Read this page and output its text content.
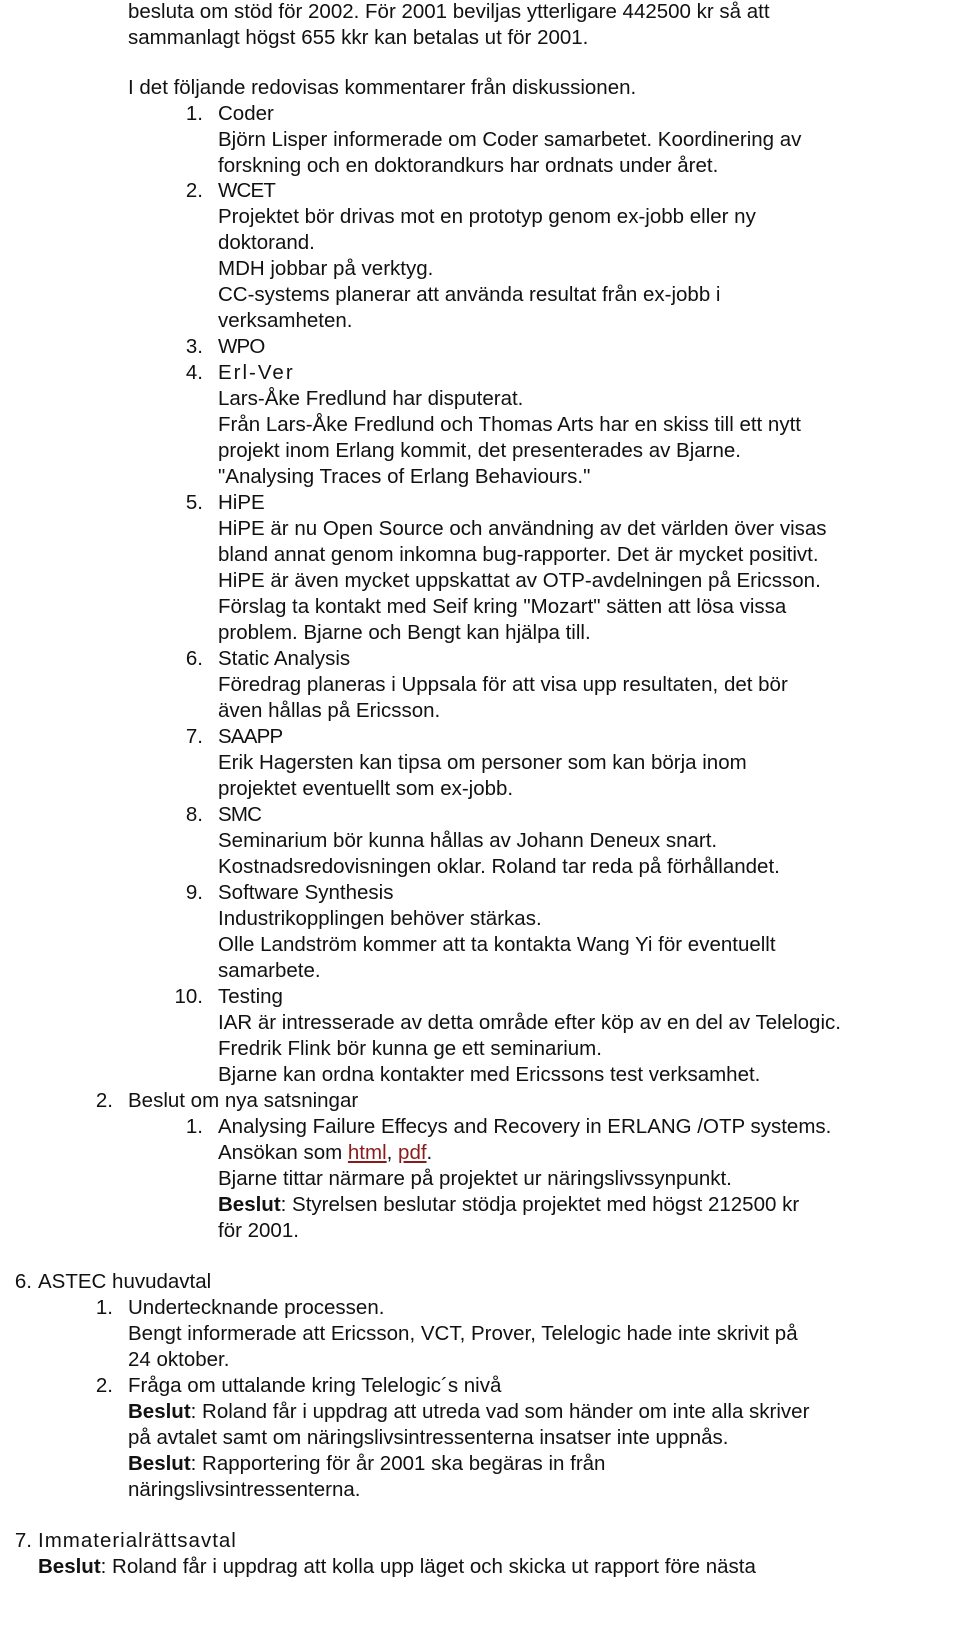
besluta om stöd för 2002. För 2001 beviljas ytterligare 442500 kr så att
sammanlagt högst 655 kkr kan betalas ut för 2001.
I det följande redovisas kommentarer från diskussionen.
1. Coder
Björn Lisper informerade om Coder samarbetet. Koordinering av
forskning och en doktorandkurs har ordnats under året.
2. WCET
Projektet bör drivas mot en prototyp genom ex-jobb eller ny
doktorand.
MDH jobbar på verktyg.
CC-systems planerar att använda resultat från ex-jobb i
verksamheten.
3. WPO
4. Erl-Ver
Lars-Åke Fredlund har disputerat.
Från Lars-Åke Fredlund och Thomas Arts har en skiss till ett nytt
projekt inom Erlang kommit, det presenterades av Bjarne.
"Analysing Traces of Erlang Behaviours."
5. HiPE
HiPE är nu Open Source och användning av det världen över visas
bland annat genom inkomna bug-rapporter. Det är mycket positivt.
HiPE är även mycket uppskattat av OTP-avdelningen på Ericsson.
Förslag ta kontakt med Seif kring "Mozart" sätten att lösa vissa
problem. Bjarne och Bengt kan hjälpa till.
6. Static Analysis
Föredrag planeras i Uppsala för att visa upp resultaten, det bör
även hållas på Ericsson.
7. SAAPP
Erik Hagersten kan tipsa om personer som kan börja inom
projektet eventuellt som ex-jobb.
8. SMC
Seminarium bör kunna hållas av Johann Deneux snart.
Kostnadsredovisningen oklar. Roland tar reda på förhållandet.
9. Software Synthesis
Industrikopplingen behöver stärkas.
Olle Landström kommer att ta kontakta Wang Yi för eventuellt
samarbete.
10. Testing
IAR är intresserade av detta område efter köp av en del av Telelogic.
Fredrik Flink bör kunna ge ett seminarium.
Bjarne kan ordna kontakter med Ericssons test verksamhet.
2. Beslut om nya satsningar
1. Analysing Failure Effecys and Recovery in ERLANG /OTP systems.
Ansökan som html, pdf.
Bjarne tittar närmare på projektet ur näringslivssynpunkt.
Beslut: Styrelsen beslutar stödja projektet med högst 212500 kr
för 2001.
6. ASTEC huvudavtal
1. Undertecknande processen.
Bengt informerade att Ericsson, VCT, Prover, Telelogic hade inte skrivit på
24 oktober.
2. Fråga om uttalande kring Telelogic´s nivå
Beslut: Roland får i uppdrag att utreda vad som händer om inte alla skriver
på avtalet samt om näringslivsintressenterna insatser inte uppnås.
Beslut: Rapportering för år 2001 ska begäras in från
näringslivsintressenterna.
7. Immaterialrättsavtal
Beslut: Roland får i uppdrag att kolla upp läget och skicka ut rapport före nästa
